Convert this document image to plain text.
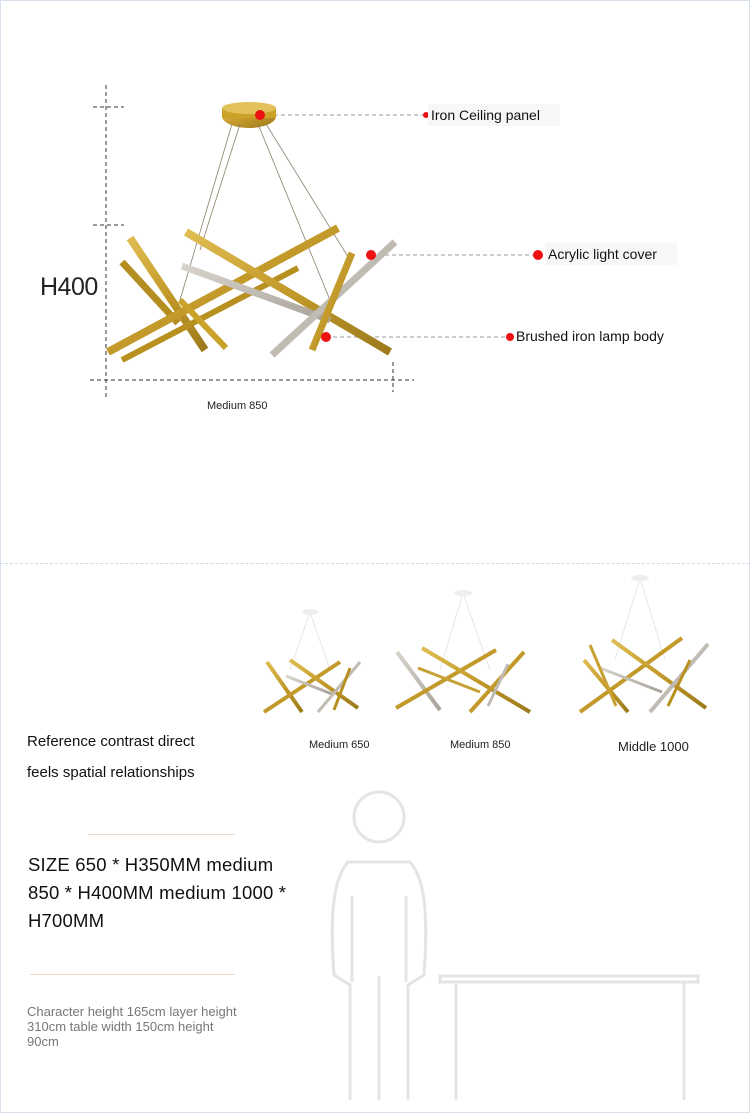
H400
Medium 850
Iron Ceiling panel
Acrylic light cover
Brushed iron lamp body
Medium 650	Medium 850	Middle 1000
Reference contrast direct
feels spatial relationships
SIZE 650 * H350MM medium 850 * H400MM medium 1000 * H700MM
Character height 165cm layer height 310cm table width 150cm height 90cm
